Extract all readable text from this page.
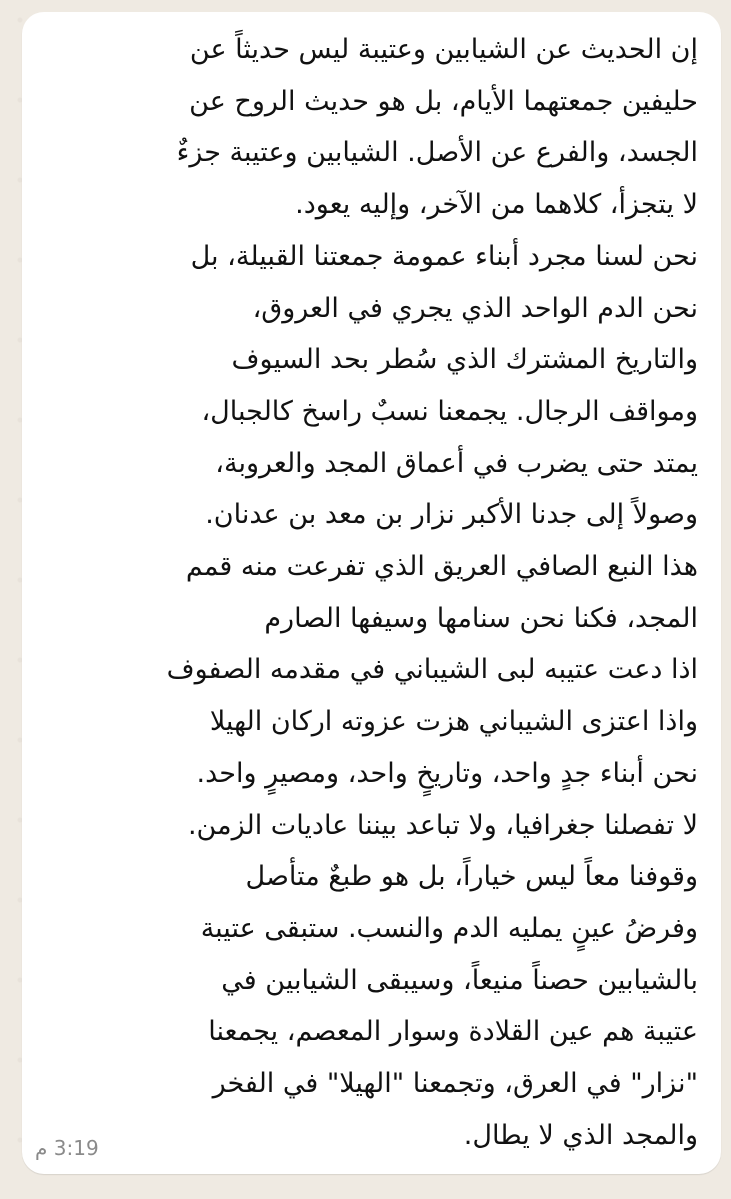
إن الحديث عن الشيابين وعتيبة ليس حديثاً عن
حليفين جمعتهما الأيام، بل هو حديث الروح عن
الجسد، والفرع عن الأصل. الشيابين وعتيبة جزءٌ
لا يتجزأ، كلاهما من الآخر، وإليه يعود.
نحن لسنا مجرد أبناء عمومة جمعتنا القبيلة، بل
نحن الدم الواحد الذي يجري في العروق،
والتاريخ المشترك الذي سُطر بحد السيوف
ومواقف الرجال. يجمعنا نسبٌ راسخ كالجبال،
يمتد حتى يضرب في أعماق المجد والعروبة،
وصولاً إلى جدنا الأكبر نزار بن معد بن عدنان.
هذا النبع الصافي العريق الذي تفرعت منه قمم
المجد، فكنا نحن سنامها وسيفها الصارم
اذا دعت عتيبه لبى الشيباني في مقدمه الصفوف
واذا اعتزى الشيباني هزت عزوته اركان الهيلا
نحن أبناء جدٍ واحد، وتاريخٍ واحد، ومصيرٍ واحد.
لا تفصلنا جغرافيا، ولا تباعد بيننا عاديات الزمن.
وقوفنا معاً ليس خياراً، بل هو طبعٌ متأصل
وفرضُ عينٍ يمليه الدم والنسب. ستبقى عتيبة
بالشيابين حصناً منيعاً، وسيبقى الشيابين في
عتيبة هم عين القلادة وسوار المعصم، يجمعنا
"نزار" في العرق، وتجمعنا "الهيلا" في الفخر
والمجد الذي لا يطال.
3:19 م
